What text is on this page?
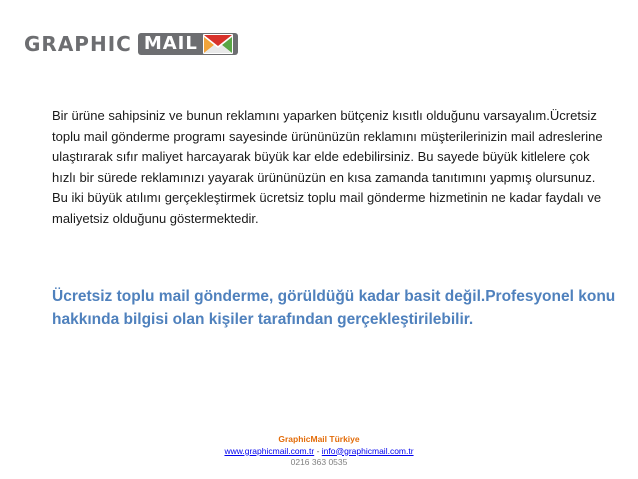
GRAPHIC MAIL

Bir ürüne sahipsiniz ve bunun reklamını yaparken bütçeniz kısıtlı olduğunu varsayalım.Ücretsiz toplu mail gönderme programı sayesinde ürününüzün reklamını müşterilerinizin mail adreslerine ulaştırarak sıfır maliyet harcayarak büyük kar elde edebilirsiniz. Bu sayede büyük kitlelere çok hızlı bir sürede reklamınızı yayarak ürününüzün en kısa zamanda tanıtımını yapmış olursunuz. Bu iki büyük atılımı gerçekleştirmek ücretsiz toplu mail gönderme hizmetinin ne kadar faydalı ve maliyetsiz olduğunu göstermektedir.

Ücretsiz toplu mail gönderme, görüldüğü kadar basit değil.Profesyonel konu hakkında bilgisi olan kişiler tarafından gerçekleştirilebilir.

GraphicMail Türkiye
www.graphicmail.com.tr - info@graphicmail.com.tr
0216 363 0535
